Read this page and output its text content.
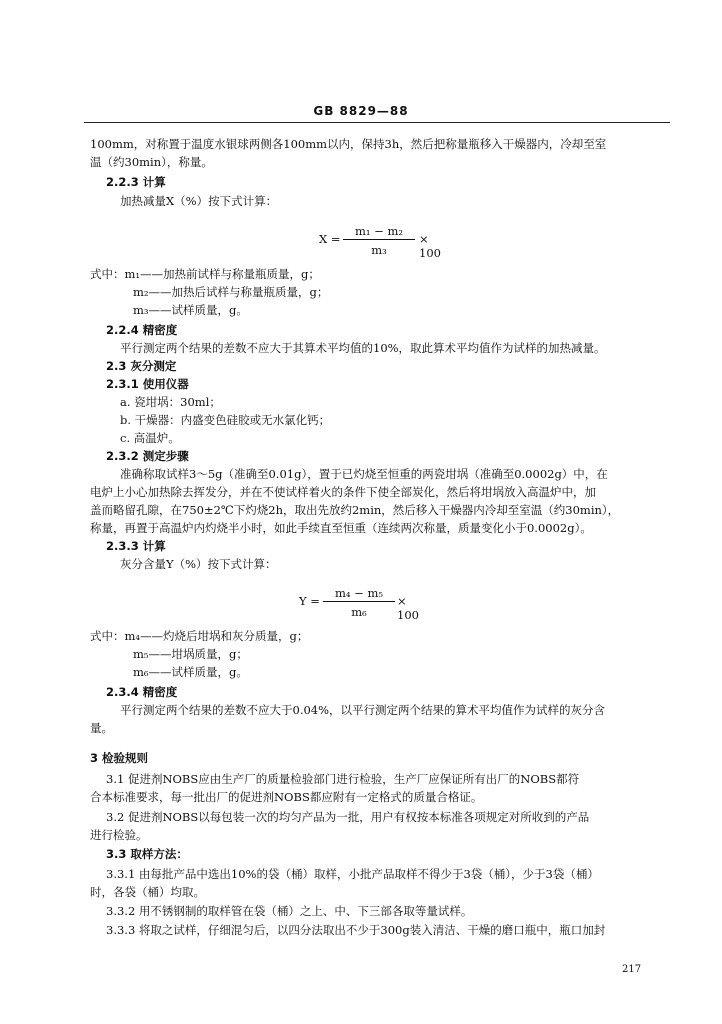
GB 8829—88
100mm，对称置于温度水银球两侧各100mm以内，保持3h，然后把称量瓶移入干燥器内，冷却至室
温（约30min），称量。
2.2.3 计算
加热减量X（%）按下式计算：
$X = \frac{\text{m₁ − m₂}}{\text{m₃}} \times 100$
式中：m₁——加热前试样与称量瓶质量，g；
m₂——加热后试样与称量瓶质量，g；
m₃——试样质量，g。
2.2.4 精密度
平行测定两个结果的差数不应大于其算术平均值的10%，取此算术平均值作为试样的加热减量。
2.3 灰分测定
2.3.1 使用仪器
a. 瓷坩埚：30ml；
b. 干燥器：内盛变色硅胶或无水氯化钙；
c. 高温炉。
2.3.2 测定步骤
准确称取试样3～5g（准确至0.01g），置于已灼烧至恒重的两瓷坩埚（准确至0.0002g）中，在
电炉上小心加热除去挥发分，并在不使试样着火的条件下使全部炭化，然后将坩埚放入高温炉中，加
盖而略留孔隙，在750±2℃下灼烧2h，取出先放约2min，然后移入干燥器内冷却至室温（约30min），
称量，再置于高温炉内灼烧半小时，如此手续直至恒重（连续两次称量，质量变化小于0.0002g）。
2.3.3 计算
灰分含量Y（%）按下式计算：
$Y = \frac{\text{m₄ − m₅}}{\text{m₆}} \times 100$
式中：m₄——灼烧后坩埚和灰分质量，g；
m₅——坩埚质量，g；
m₆——试样质量，g。
2.3.4 精密度
平行测定两个结果的差数不应大于0.04%，以平行测定两个结果的算术平均值作为试样的灰分含
量。
3 检验规则
3.1 促进剂NOBS应由生产厂的质量检验部门进行检验，生产厂应保证所有出厂的NOBS都符
合本标准要求，每一批出厂的促进剂NOBS都应附有一定格式的质量合格证。
3.2 促进剂NOBS以每包装一次的均匀产品为一批，用户有权按本标准各项规定对所收到的产品
进行检验。
3.3 取样方法：
3.3.1 由每批产品中选出10%的袋（桶）取样，小批产品取样不得少于3袋（桶），少于3袋（桶）
时，各袋（桶）均取。
3.3.2 用不锈钢制的取样管在袋（桶）之上、中、下三部各取等量试样。
3.3.3 将取之试样，仔细混匀后，以四分法取出不少于300g装入清洁、干燥的磨口瓶中，瓶口加封
217
